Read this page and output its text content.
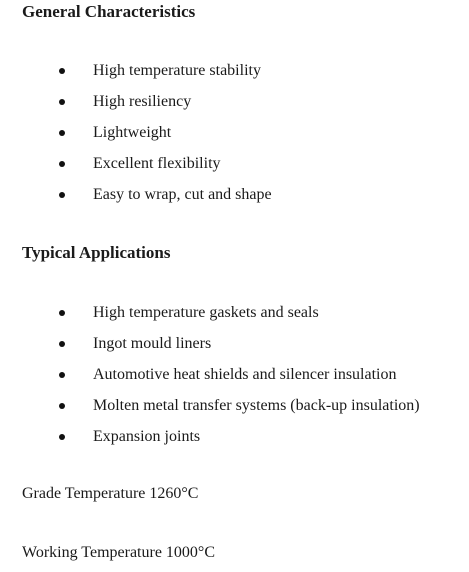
General Characteristics
High temperature stability
High resiliency
Lightweight
Excellent flexibility
Easy to wrap, cut and shape
Typical Applications
High temperature gaskets and seals
Ingot mould liners
Automotive heat shields and silencer insulation
Molten metal transfer systems (back-up insulation)
Expansion joints

Grade Temperature 1260°C

Working Temperature 1000°C
